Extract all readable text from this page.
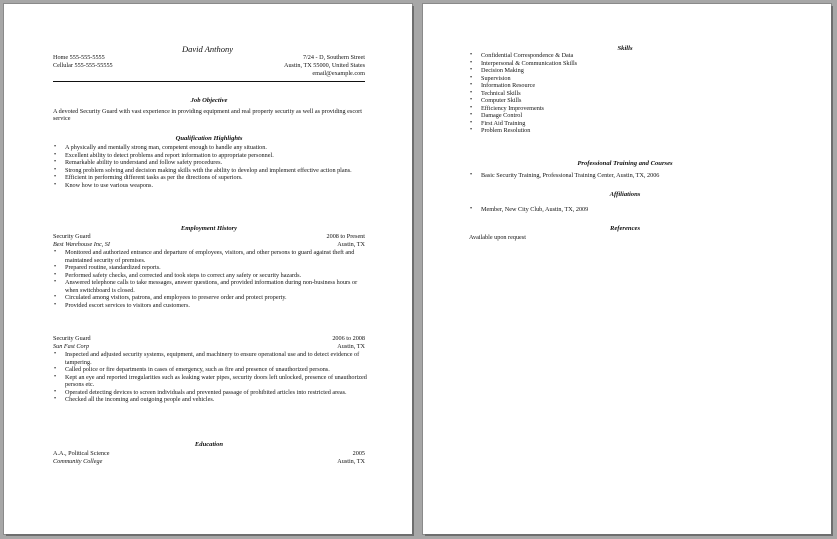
David Anthony
Home 555-555-5555
Cellular 555-555-55555
7/24 - D, Southern Street
Austin, TX 55000, United States
email@example.com
Job Objective
A devoted Security Guard with vast experience in providing equipment and real property security as well as providing escort service
Qualification Highlights
• A physically and mentally strong man, competent enough to handle any situation.
• Excellent ability to detect problems and report information to appropriate personnel.
• Remarkable ability to understand and follow safety procedures.
• Strong problem solving and decision making skills with the ability to develop and implement effective action plans.
• Efficient in performing different tasks as per the directions of superiors.
• Know how to use various weapons.
Employment History
Security Guard	2008 to Present
Best Warehouse Inc, SI	Austin, TX
• Monitored and authorized entrance and departure of employees, visitors, and other persons to guard against theft and maintained security of premises.
• Prepared routine, standardized reports.
• Performed safety checks, and corrected and took steps to correct any safety or security hazards.
• Answered telephone calls to take messages, answer questions, and provided information during non-business hours or when switchboard is closed.
• Circulated among visitors, patrons, and employees to preserve order and protect property.
• Provided escort services to visitors and customers.
Security Guard	2006 to 2008
Sun Fast Corp	Austin, TX
• Inspected and adjusted security systems, equipment, and machinery to ensure operational use and to detect evidence of tampering.
• Called police or fire departments in cases of emergency, such as fire and presence of unauthorized persons.
• Kept an eye and reported irregularities such as leaking water pipes, security doors left unlocked, presence of unauthorized persons etc.
• Operated detecting devices to screen individuals and prevented passage of prohibited articles into restricted areas.
• Checked all the incoming and outgoing people and vehicles.
Education
A.A., Political Science	2005
Community College	Austin, TX
Skills
• Confidential Correspondence & Data
• Interpersonal & Communication Skills
• Decision Making
• Supervision
• Information Resource
• Technical Skills
• Computer Skills
• Efficiency Improvements
• Damage Control
• First Aid Training
• Problem Resolution
Professional Training and Courses
• Basic Security Training, Professional Training Center, Austin, TX, 2006
Affiliations
• Member, New City Club, Austin, TX, 2009
References
Available upon request
